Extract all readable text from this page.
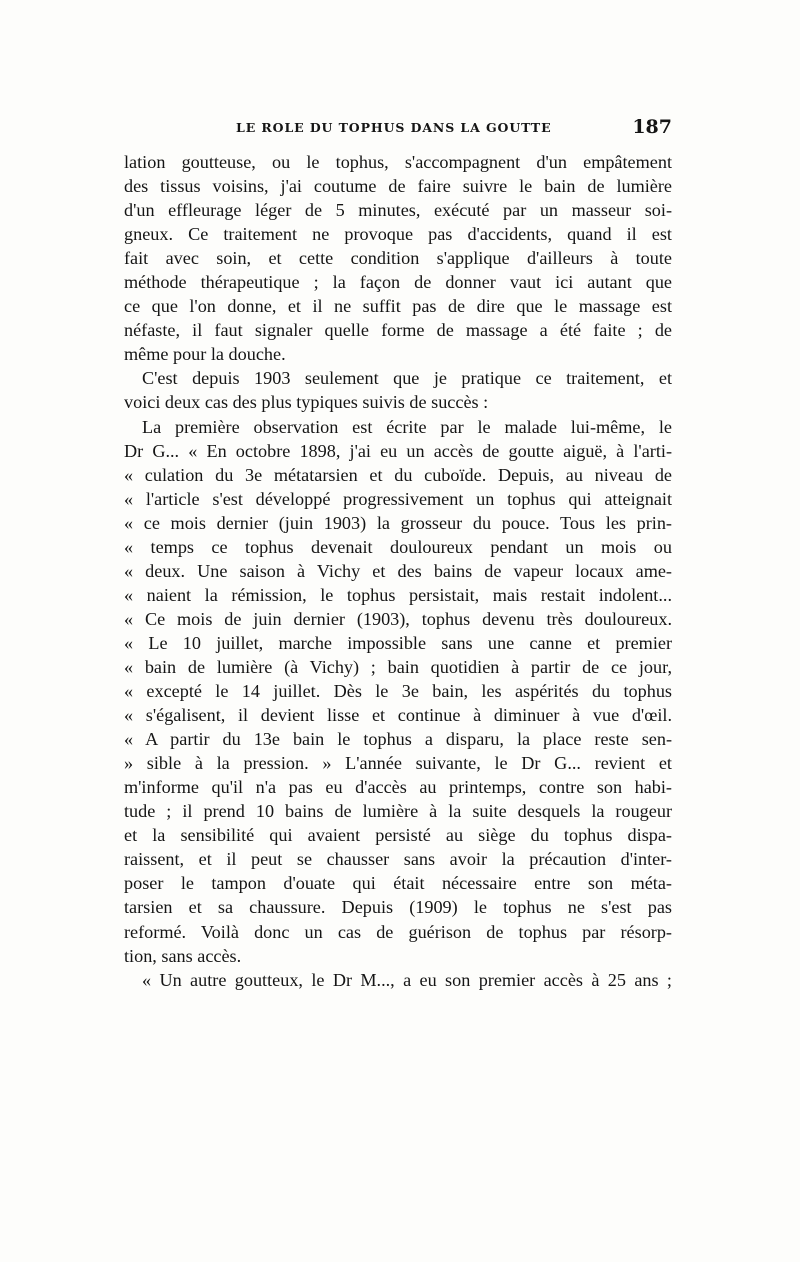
LE ROLE DU TOPHUS DANS LA GOUTTE	187
lation goutteuse, ou le tophus, s'accompagnent d'un empâtement
des tissus voisins, j'ai coutume de faire suivre le bain de lumière
d'un effleurage léger de 5 minutes, exécuté par un masseur soi-
gneux. Ce traitement ne provoque pas d'accidents, quand il est
fait avec soin, et cette condition s'applique d'ailleurs à toute
méthode thérapeutique ; la façon de donner vaut ici autant que
ce que l'on donne, et il ne suffit pas de dire que le massage est
néfaste, il faut signaler quelle forme de massage a été faite ; de
même pour la douche.
C'est depuis 1903 seulement que je pratique ce traitement, et
voici deux cas des plus typiques suivis de succès :
La première observation est écrite par le malade lui-même, le
Dr G... « En octobre 1898, j'ai eu un accès de goutte aiguë, à l'arti-
« culation du 3e métatarsien et du cuboïde. Depuis, au niveau de
« l'article s'est développé progressivement un tophus qui atteignait
« ce mois dernier (juin 1903) la grosseur du pouce. Tous les prin-
« temps ce tophus devenait douloureux pendant un mois ou
« deux. Une saison à Vichy et des bains de vapeur locaux ame-
« naient la rémission, le tophus persistait, mais restait indolent...
« Ce mois de juin dernier (1903), tophus devenu très douloureux.
« Le 10 juillet, marche impossible sans une canne et premier
« bain de lumière (à Vichy) ; bain quotidien à partir de ce jour,
« excepté le 14 juillet. Dès le 3e bain, les aspérités du tophus
« s'égalisent, il devient lisse et continue à diminuer à vue d'œil.
« A partir du 13e bain le tophus a disparu, la place reste sen-
» sible à la pression. » L'année suivante, le Dr G... revient et
m'informe qu'il n'a pas eu d'accès au printemps, contre son habi-
tude ; il prend 10 bains de lumière à la suite desquels la rougeur
et la sensibilité qui avaient persisté au siège du tophus dispa-
raissent, et il peut se chausser sans avoir la précaution d'inter-
poser le tampon d'ouate qui était nécessaire entre son méta-
tarsien et sa chaussure. Depuis (1909) le tophus ne s'est pas
reformé. Voilà donc un cas de guérison de tophus par résorp-
tion, sans accès.
« Un autre goutteux, le Dr M..., a eu son premier accès à 25 ans ;
